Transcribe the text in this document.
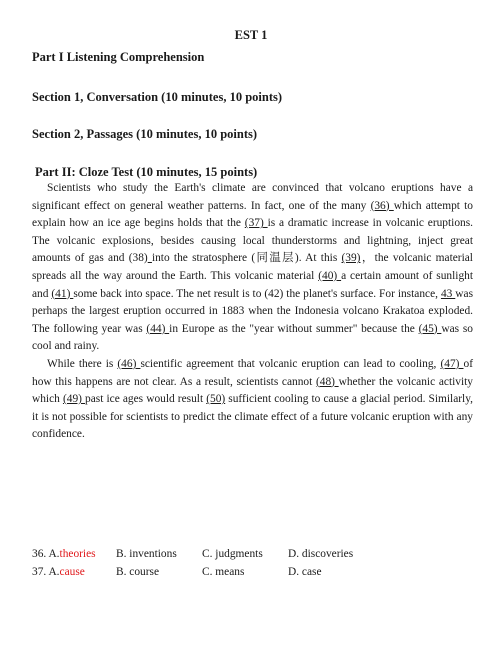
EST 1
Part I Listening Comprehension
Section 1, Conversation (10 minutes, 10 points)
Section 2, Passages (10 minutes, 10 points)
Part II: Cloze Test (10 minutes, 15 points)

Scientists who study the Earth's climate are convinced that volcano eruptions have a significant effect on general weather patterns. In fact, one of the many (36) which attempt to explain how an ice age begins holds that the (37) is a dramatic increase in volcanic eruptions. The volcanic explosions, besides causing local thunderstorms and lightning, inject great amounts of gas and (38) into the stratosphere (同温层). At this (39)，the volcanic material spreads all the way around the Earth. This volcanic material (40) a certain amount of sunlight and (41) some back into space. The net result is to (42) the planet's surface. For instance, 43 was perhaps the largest eruption occurred in 1883 when the Indonesia volcano Krakatoa exploded. The following year was (44) in Europe as the "year without summer" because the (45) was so cool and rainy.

While there is (46) scientific agreement that volcanic eruption can lead to cooling, (47) of how this happens are not clear. As a result, scientists cannot (48) whether the volcanic activity which (49) past ice ages would result (50) sufficient cooling to cause a glacial period. Similarly, it is not possible for scientists to predict the climate effect of a future volcanic eruption with any confidence.

36. A.theories B. inventions C. judgments D. discoveries
37. A.cause	B. course	C. means	D. case
